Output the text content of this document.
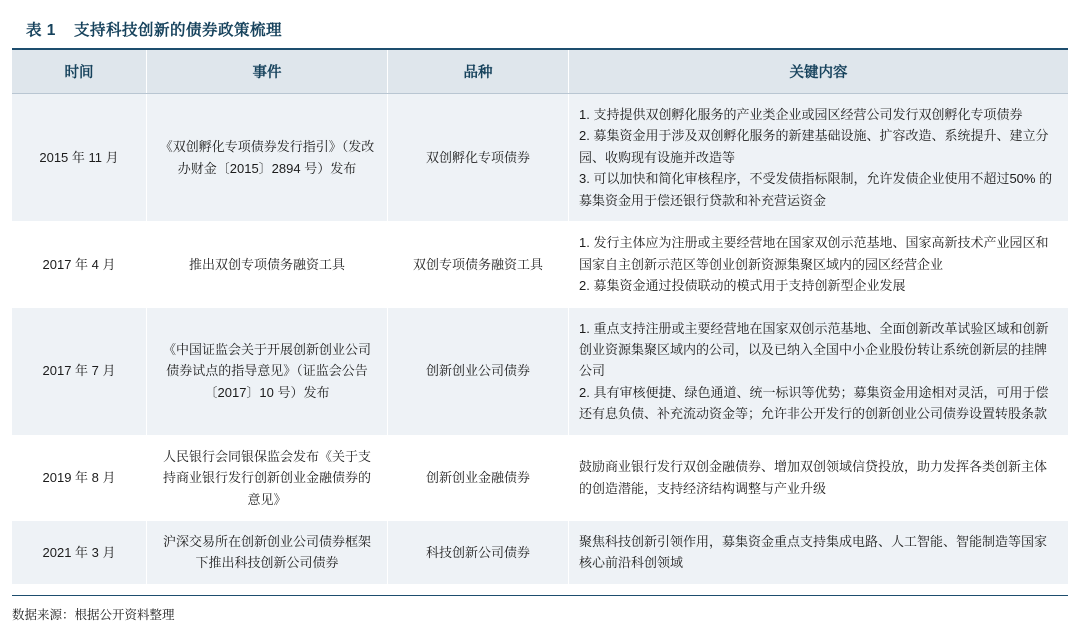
表 1 支持科技创新的债券政策梳理
时间	事件	品种	关键内容
2015 年 11 月	《双创孵化专项债券发行指引》（发改办财金〔2015〕2894 号）发布	双创孵化专项债券	1. 支持提供双创孵化服务的产业类企业或园区经营公司发行双创孵化专项债券
2. 募集资金用于涉及双创孵化服务的新建基础设施、扩容改造、系统提升、建立分园、收购现有设施并改造等
3. 可以加快和简化审核程序，不受发债指标限制，允许发债企业使用不超过50% 的募集资金用于偿还银行贷款和补充营运资金

2017 年 4 月	推出双创专项债务融资工具	双创专项债务融资工具	1. 发行主体应为注册或主要经营地在国家双创示范基地、国家高新技术产业园区和国家自主创新示范区等创业创新资源集聚区域内的园区经营企业
2. 募集资金通过投债联动的模式用于支持创新型企业发展

2017 年 7 月	《中国证监会关于开展创新创业公司债券试点的指导意见》（证监会公告〔2017〕10 号）发布	创新创业公司债券	1. 重点支持注册或主要经营地在国家双创示范基地、全面创新改革试验区域和创新创业资源集聚区域内的公司，以及已纳入全国中小企业股份转让系统创新层的挂牌公司
2. 具有审核便捷、绿色通道、统一标识等优势；募集资金用途相对灵活，可用于偿还有息负债、补充流动资金等；允许非公开发行的创新创业公司债券设置转股条款

2019 年 8 月	人民银行会同银保监会发布《关于支持商业银行发行创新创业金融债券的意见》	创新创业金融债券	鼓励商业银行发行双创金融债券、增加双创领域信贷投放，助力发挥各类创新主体的创造潜能，支持经济结构调整与产业升级

2021 年 3 月	沪深交易所在创新创业公司债券框架下推出科技创新公司债券	科技创新公司债券	聚焦科技创新引领作用，募集资金重点支持集成电路、人工智能、智能制造等国家核心前沿科创领域
数据来源：根据公开资料整理
